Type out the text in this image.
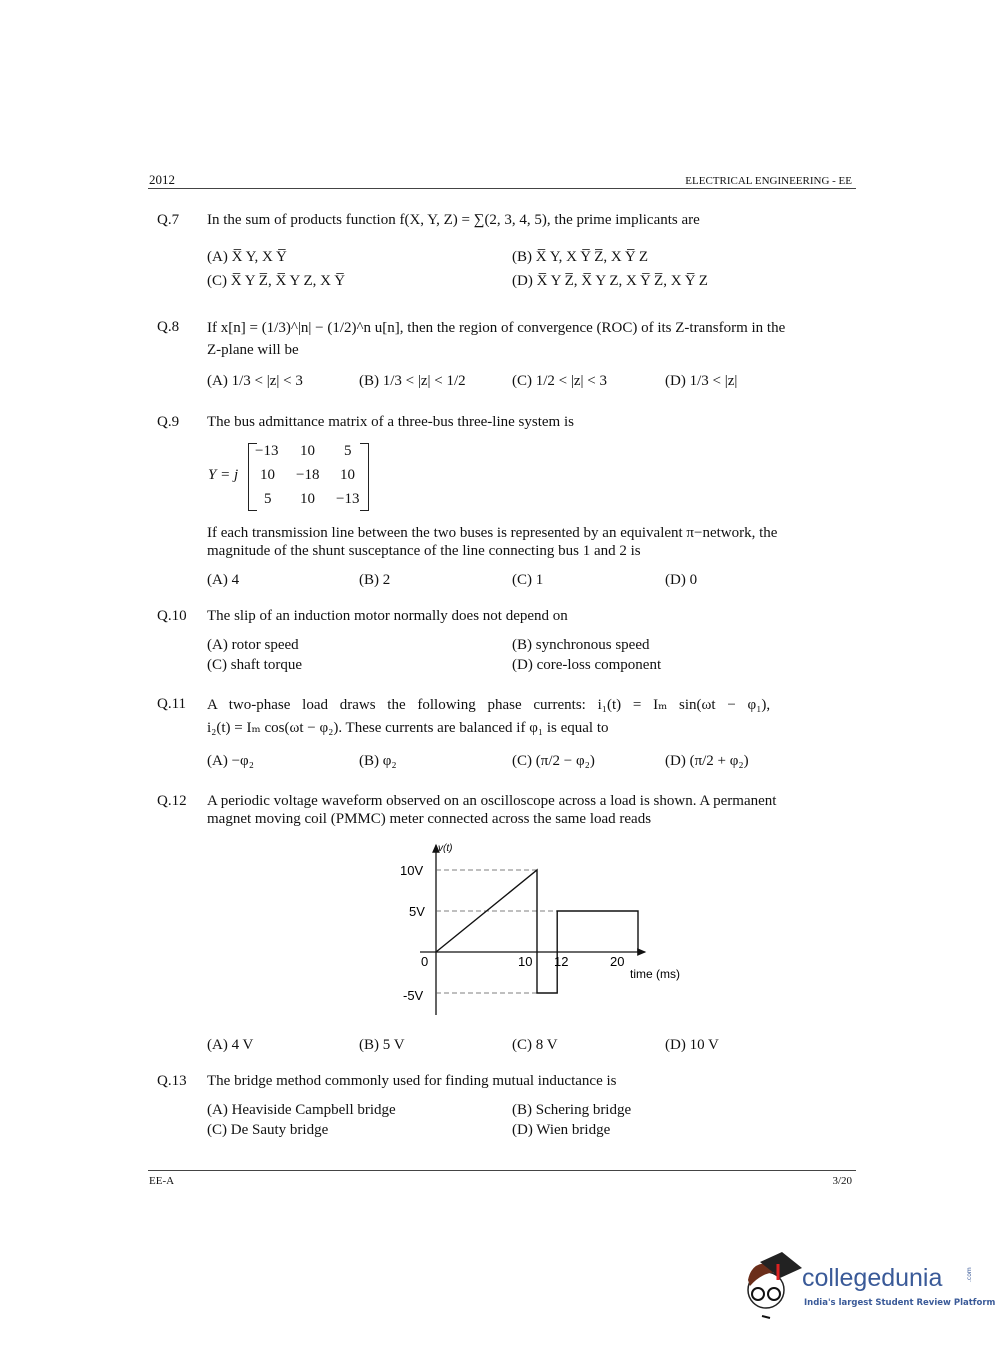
2012	ELECTRICAL ENGINEERING - EE
Q.7 In the sum of products function f(X, Y, Z) = ∑(2, 3, 4, 5), the prime implicants are
(A) X̅ Y, X Y̅	(B) X̅ Y, X Y̅ Z̅, X Y̅ Z
(C) X̅ Y Z̅, X̅ Y Z, X Y̅	(D) X̅ Y Z̅, X̅ Y Z, X Y̅ Z̅, X Y̅ Z
Q.8 If x[n] = (1/3)^|n| − (1/2)^n u[n], then the region of convergence (ROC) of its Z-transform in the
Z-plane will be
(A) 1/3 < |z| < 3	(B) 1/3 < |z| < 1/2	(C) 1/2 < |z| < 3	(D) 1/3 < |z|
Q.9 The bus admittance matrix of a three-bus three-line system is
Y = j
−13 10 5
10 −18 10
5 10 −13
If each transmission line between the two buses is represented by an equivalent π−network, the
magnitude of the shunt susceptance of the line connecting bus 1 and 2 is
(A) 4	(B) 2	(C) 1	(D) 0
Q.10 The slip of an induction motor normally does not depend on
(A) rotor speed	(B) synchronous speed
(C) shaft torque	(D) core-loss component
Q.11 A two-phase load draws the following phase currents: i₁(t) = Iₘ sin(ωt − φ₁),
i₂(t) = Iₘ cos(ωt − φ₂). These currents are balanced if φ₁ is equal to
(A) −φ₂	(B) φ₂	(C) (π/2 − φ₂)	(D) (π/2 + φ₂)
Q.12 A periodic voltage waveform observed on an oscilloscope across a load is shown. A permanent
magnet moving coil (PMMC) meter connected across the same load reads
v(t)
time (ms)
10V
5V
0
-5V
10 12	20
(A) 4 V	(B) 5 V	(C) 8 V	(D) 10 V
Q.13 The bridge method commonly used for finding mutual inductance is
(A) Heaviside Campbell bridge	(B) Schering bridge
(C) De Sauty bridge	(D) Wien bridge
EE-A	3/20
collegedunia	.com
India's largest Student Review Platform
